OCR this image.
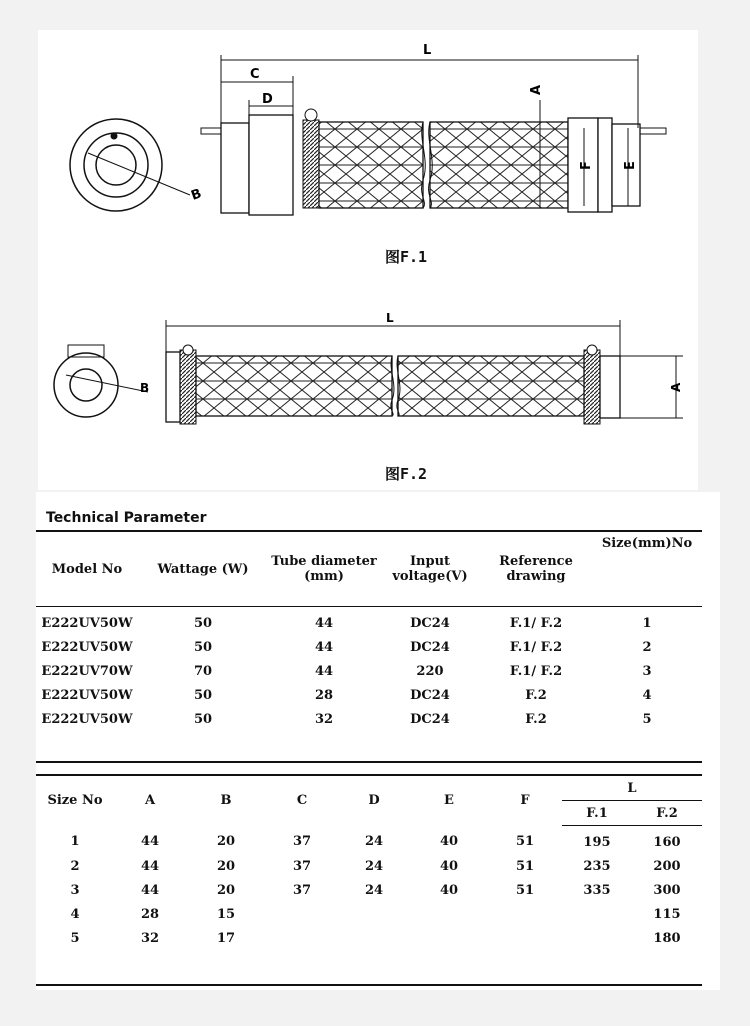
B
L
C
D
A
F E
B
L
A
图F.1
图F.2
Technical Parameter
Model No	Wattage (W)	Tube diameter (mm)	Input voltage(V)	Reference drawing	Size(mm)No
E222UV50W	50	44	DC24	F.1/ F.2	1
E222UV50W	50	44	DC24	F.1/ F.2	2
E222UV70W	70	44	220	F.1/ F.2	3
E222UV50W	50	28	DC24	F.2	4
E222UV50W	50	32	DC24	F.2	5

Size No	A	B	C	D	E	F	L	
							F.1	F.2
1	44	20	37	24	40	51	195	160
2	44	20	37	24	40	51	235	200
3	44	20	37	24	40	51	335	300
4	28	15						115
5	32	17						180
